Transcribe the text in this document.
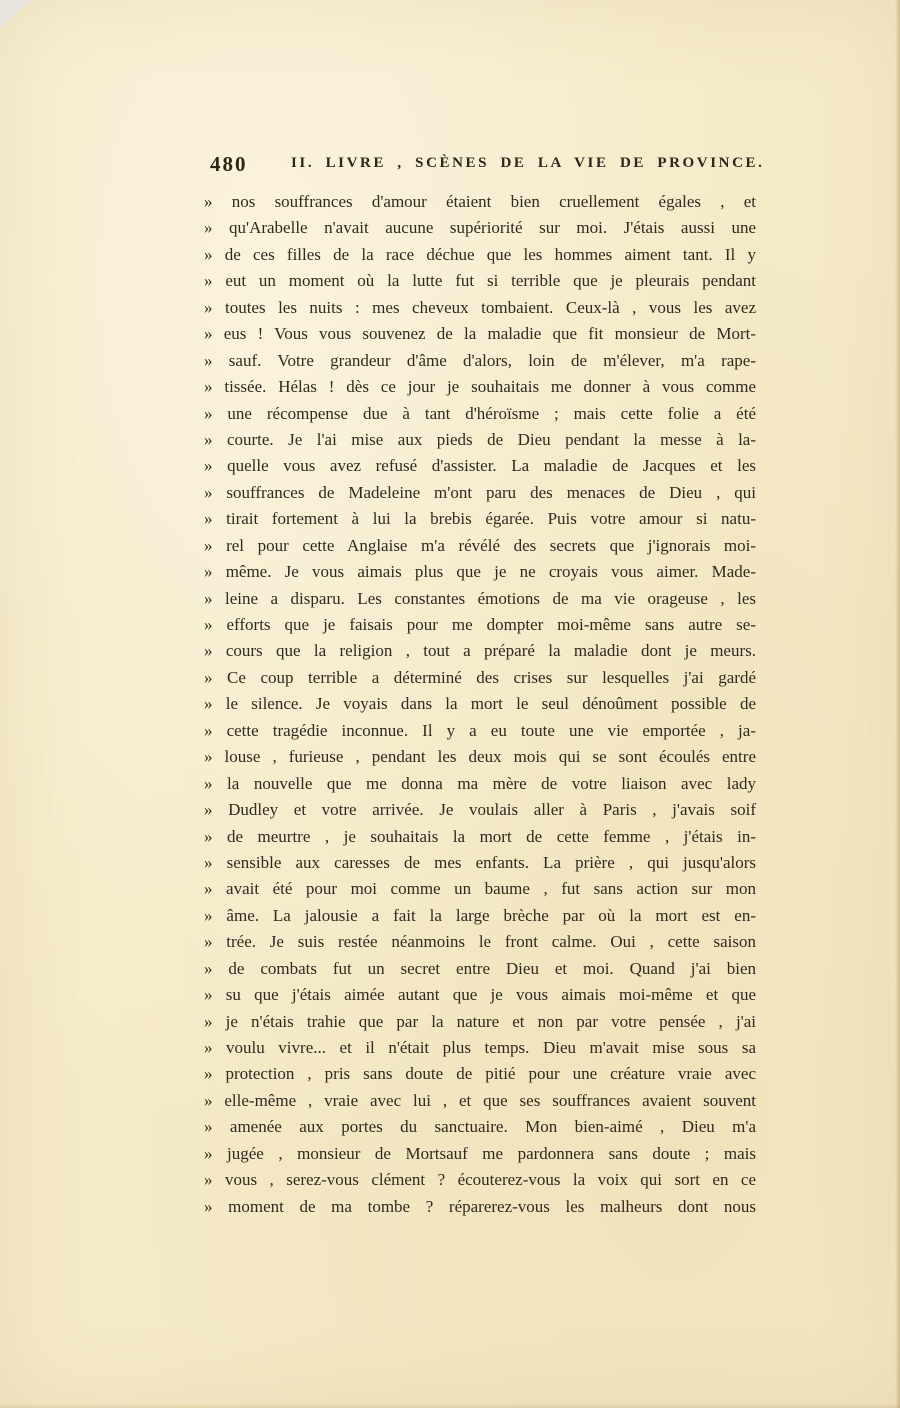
480	II. LIVRE , SCÈNES DE LA VIE DE PROVINCE.
» nos souffrances d'amour étaient bien cruellement égales , et
» qu'Arabelle n'avait aucune supériorité sur moi. J'étais aussi une
» de ces filles de la race déchue que les hommes aiment tant. Il y
» eut un moment où la lutte fut si terrible que je pleurais pendant
» toutes les nuits : mes cheveux tombaient. Ceux-là , vous les avez
» eus ! Vous vous souvenez de la maladie que fit monsieur de Mort-
» sauf. Votre grandeur d'âme d'alors, loin de m'élever, m'a rape-
» tissée. Hélas ! dès ce jour je souhaitais me donner à vous comme
» une récompense due à tant d'héroïsme ; mais cette folie a été
» courte. Je l'ai mise aux pieds de Dieu pendant la messe à la-
» quelle vous avez refusé d'assister. La maladie de Jacques et les
» souffrances de Madeleine m'ont paru des menaces de Dieu , qui
» tirait fortement à lui la brebis égarée. Puis votre amour si natu-
» rel pour cette Anglaise m'a révélé des secrets que j'ignorais moi-
» même. Je vous aimais plus que je ne croyais vous aimer. Made-
» leine a disparu. Les constantes émotions de ma vie orageuse , les
» efforts que je faisais pour me dompter moi-même sans autre se-
» cours que la religion , tout a préparé la maladie dont je meurs.
» Ce coup terrible a déterminé des crises sur lesquelles j'ai gardé
» le silence. Je voyais dans la mort le seul dénoûment possible de
» cette tragédie inconnue. Il y a eu toute une vie emportée , ja-
» louse , furieuse , pendant les deux mois qui se sont écoulés entre
» la nouvelle que me donna ma mère de votre liaison avec lady
» Dudley et votre arrivée. Je voulais aller à Paris , j'avais soif
» de meurtre , je souhaitais la mort de cette femme , j'étais in-
» sensible aux caresses de mes enfants. La prière , qui jusqu'alors
» avait été pour moi comme un baume , fut sans action sur mon
» âme. La jalousie a fait la large brèche par où la mort est en-
» trée. Je suis restée néanmoins le front calme. Oui , cette saison
» de combats fut un secret entre Dieu et moi. Quand j'ai bien
» su que j'étais aimée autant que je vous aimais moi-même et que
» je n'étais trahie que par la nature et non par votre pensée , j'ai
» voulu vivre... et il n'était plus temps. Dieu m'avait mise sous sa
» protection , pris sans doute de pitié pour une créature vraie avec
» elle-même , vraie avec lui , et que ses souffrances avaient souvent
» amenée aux portes du sanctuaire. Mon bien-aimé , Dieu m'a
» jugée , monsieur de Mortsauf me pardonnera sans doute ; mais
» vous , serez-vous clément ? écouterez-vous la voix qui sort en ce
» moment de ma tombe ? réparerez-vous les malheurs dont nous
